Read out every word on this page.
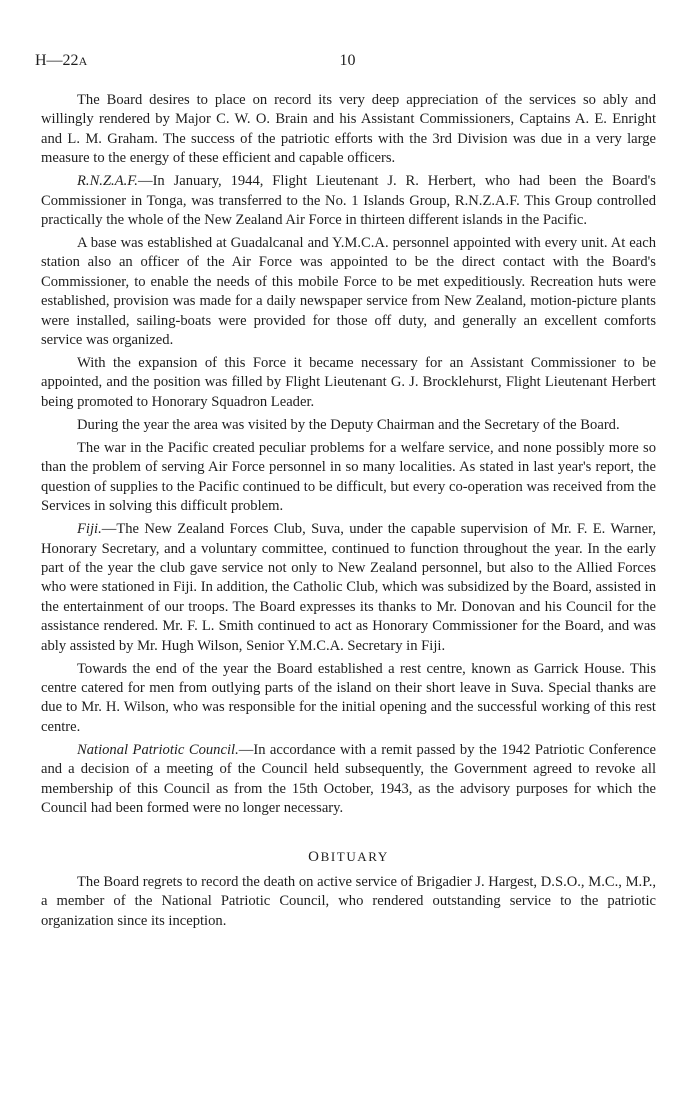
H—22A	10

The Board desires to place on record its very deep appreciation of the services so ably and willingly rendered by Major C. W. O. Brain and his Assistant Commissioners, Captains A. E. Enright and L. M. Graham. The success of the patriotic efforts with the 3rd Division was due in a very large measure to the energy of these efficient and capable officers.

R.N.Z.A.F.—In January, 1944, Flight Lieutenant J. R. Herbert, who had been the Board's Commissioner in Tonga, was transferred to the No. 1 Islands Group, R.N.Z.A.F. This Group controlled practically the whole of the New Zealand Air Force in thirteen different islands in the Pacific.

A base was established at Guadalcanal and Y.M.C.A. personnel appointed with every unit. At each station also an officer of the Air Force was appointed to be the direct contact with the Board's Commissioner, to enable the needs of this mobile Force to be met expeditiously. Recreation huts were established, provision was made for a daily newspaper service from New Zealand, motion-picture plants were installed, sailing-boats were provided for those off duty, and generally an excellent comforts service was organized.

With the expansion of this Force it became necessary for an Assistant Commissioner to be appointed, and the position was filled by Flight Lieutenant G. J. Brocklehurst, Flight Lieutenant Herbert being promoted to Honorary Squadron Leader.

During the year the area was visited by the Deputy Chairman and the Secretary of the Board.

The war in the Pacific created peculiar problems for a welfare service, and none possibly more so than the problem of serving Air Force personnel in so many localities. As stated in last year's report, the question of supplies to the Pacific continued to be difficult, but every co-operation was received from the Services in solving this difficult problem.

Fiji.—The New Zealand Forces Club, Suva, under the capable supervision of Mr. F. E. Warner, Honorary Secretary, and a voluntary committee, continued to function throughout the year. In the early part of the year the club gave service not only to New Zealand personnel, but also to the Allied Forces who were stationed in Fiji. In addition, the Catholic Club, which was subsidized by the Board, assisted in the entertainment of our troops. The Board expresses its thanks to Mr. Donovan and his Council for the assistance rendered. Mr. F. L. Smith continued to act as Honorary Commissioner for the Board, and was ably assisted by Mr. Hugh Wilson, Senior Y.M.C.A. Secretary in Fiji.

Towards the end of the year the Board established a rest centre, known as Garrick House. This centre catered for men from outlying parts of the island on their short leave in Suva. Special thanks are due to Mr. H. Wilson, who was responsible for the initial opening and the successful working of this rest centre.

National Patriotic Council.—In accordance with a remit passed by the 1942 Patriotic Conference and a decision of a meeting of the Council held subsequently, the Government agreed to revoke all membership of this Council as from the 15th October, 1943, as the advisory purposes for which the Council had been formed were no longer necessary.

OBITUARY

The Board regrets to record the death on active service of Brigadier J. Hargest, D.S.O., M.C., M.P., a member of the National Patriotic Council, who rendered outstanding service to the patriotic organization since its inception.
